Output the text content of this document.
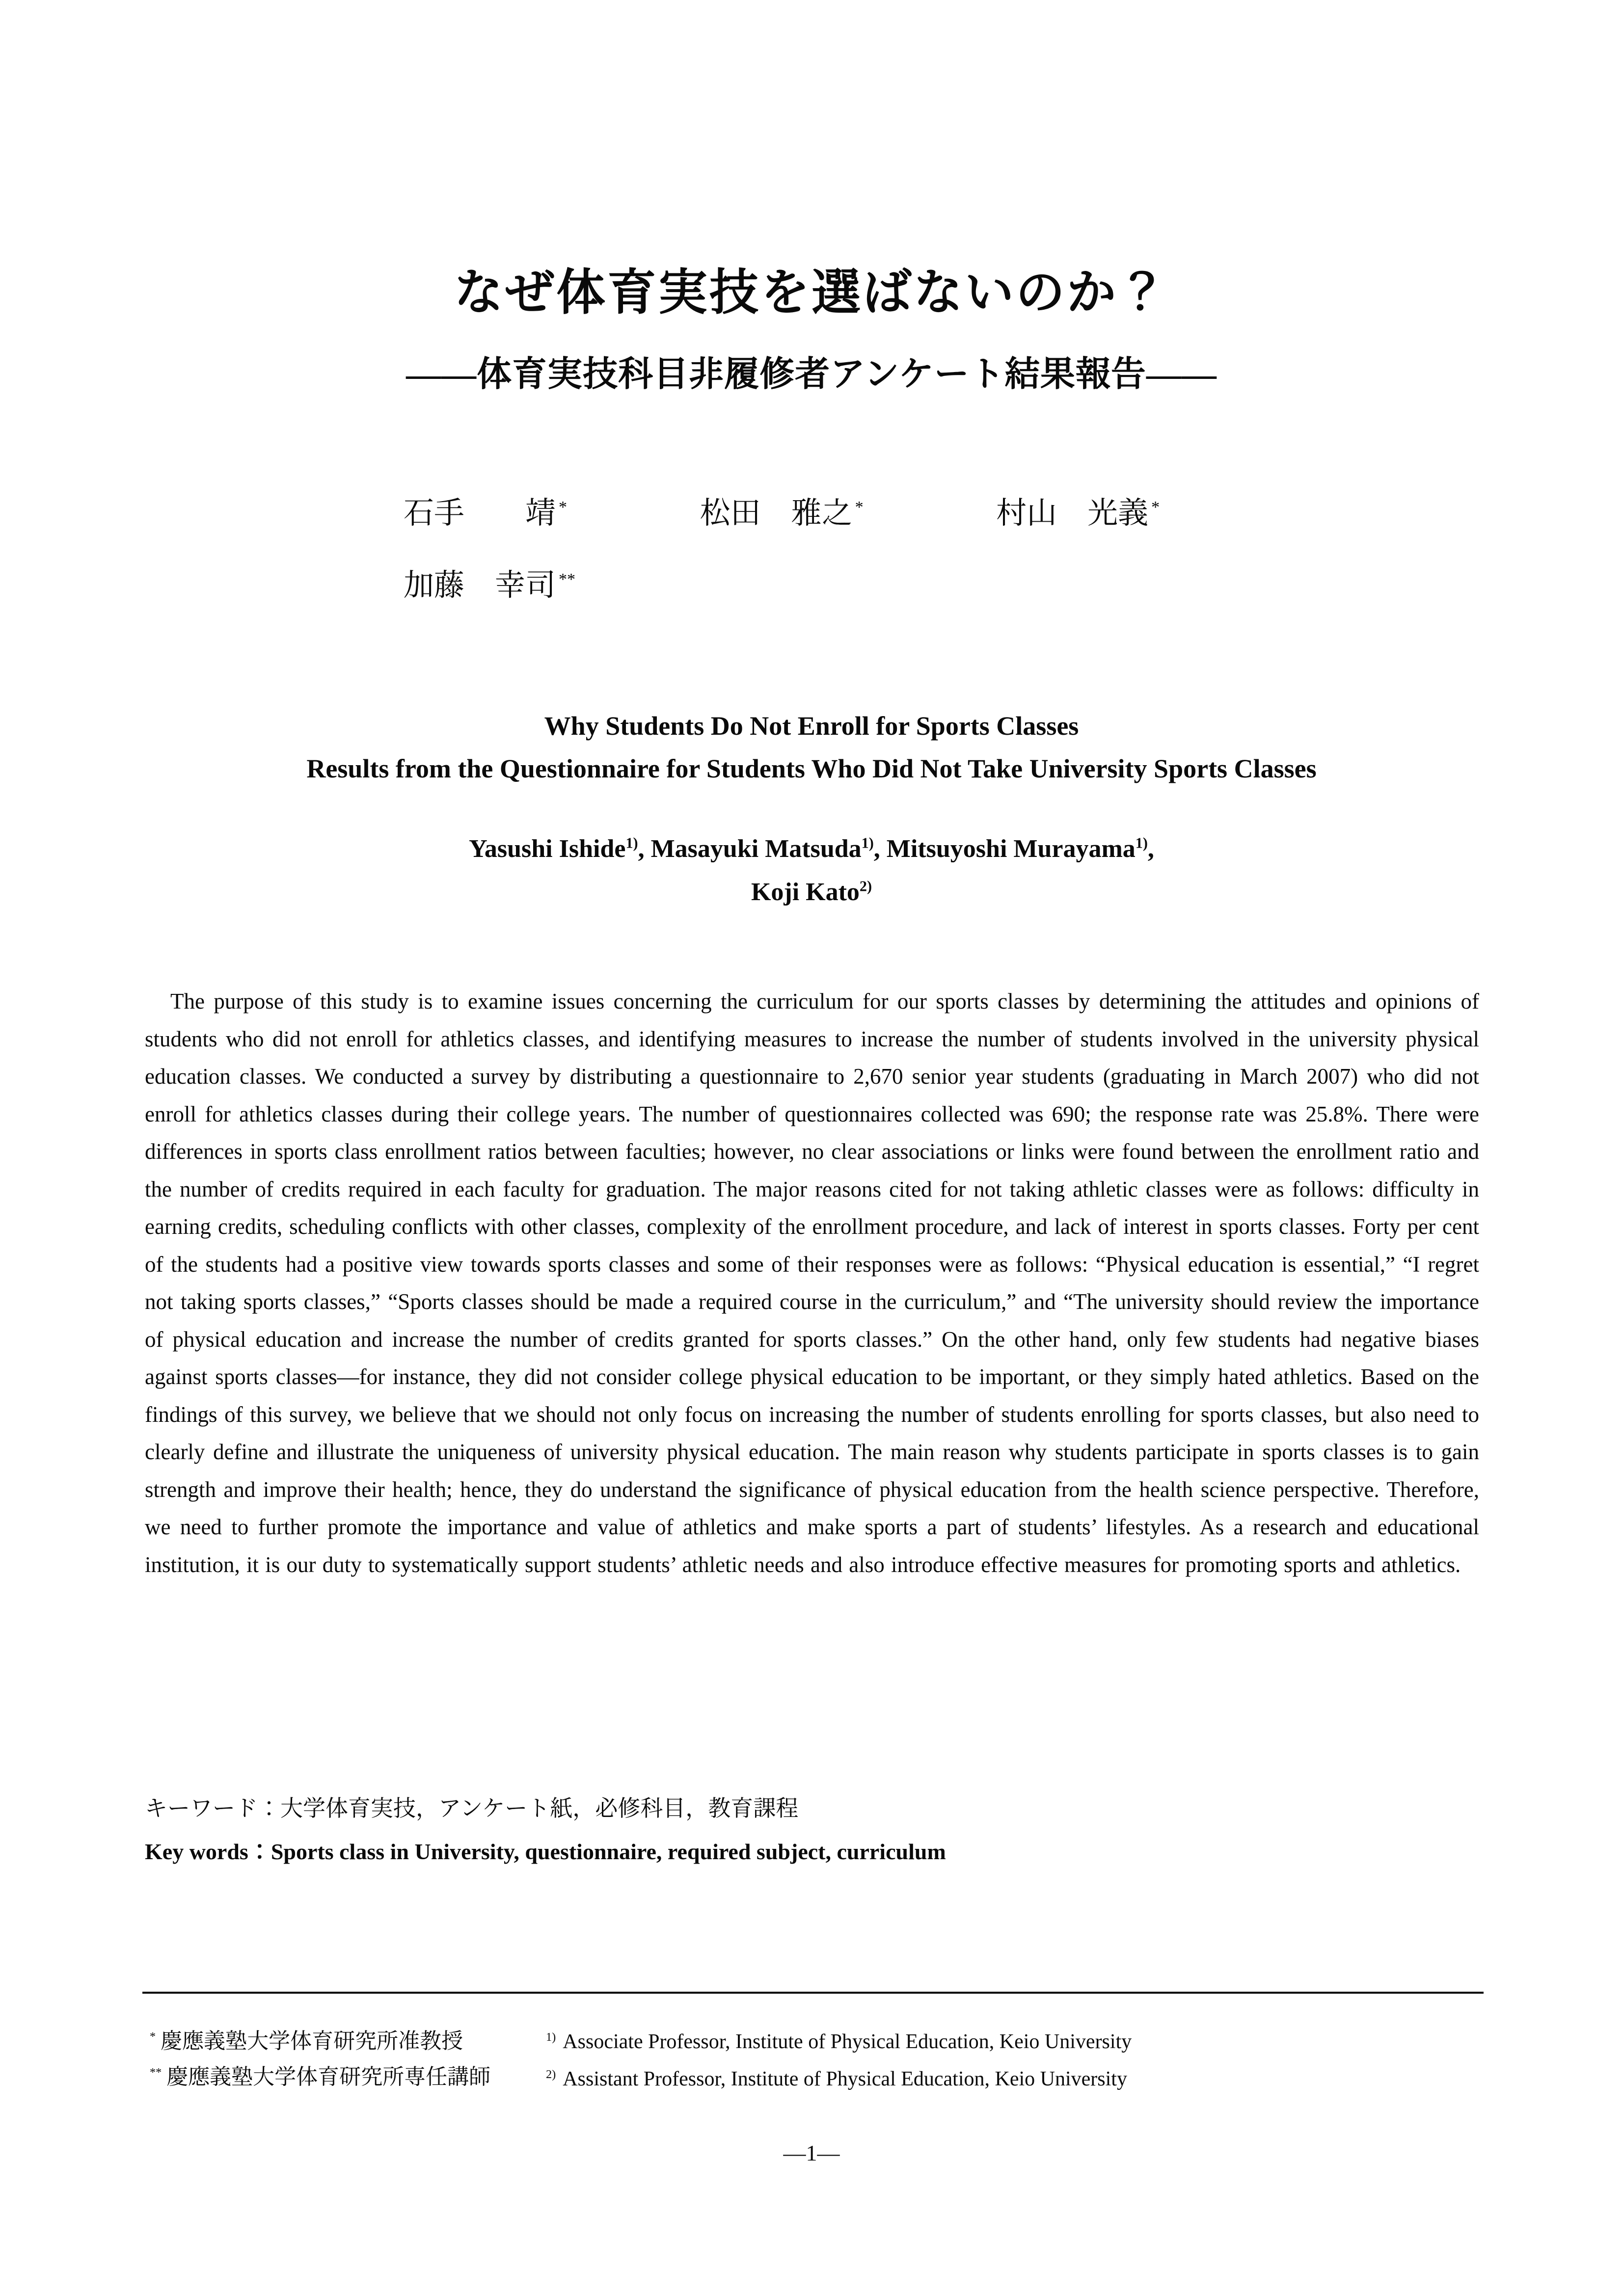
なぜ体育実技を選ばないのか？
——体育実技科目非履修者アンケート結果報告——
石手　　靖 *	松田　雅之 *	村山　光義 *
加藤　幸司 **
Why Students Do Not Enroll for Sports Classes
Results from the Questionnaire for Students Who Did Not Take University Sports Classes
Yasushi Ishide$^{1)}$, Masayuki Matsuda$^{1)}$, Mitsuyoshi Murayama$^{1)}$,
Koji Kato$^{2)}$
The purpose of this study is to examine issues concerning the curriculum for our sports classes by determining the attitudes and opinions of students who did not enroll for athletics classes, and identifying measures to increase the number of students involved in the university physical education classes. We conducted a survey by distributing a questionnaire to 2,670 senior year students (graduating in March 2007) who did not enroll for athletics classes during their college years. The number of questionnaires collected was 690; the response rate was 25.8%. There were differences in sports class enrollment ratios between faculties; however, no clear associations or links were found between the enrollment ratio and the number of credits required in each faculty for graduation. The major reasons cited for not taking athletic classes were as follows: difficulty in earning credits, scheduling conflicts with other classes, complexity of the enrollment procedure, and lack of interest in sports classes. Forty per cent of the students had a positive view towards sports classes and some of their responses were as follows: “Physical education is essential,” “I regret not taking sports classes,” “Sports classes should be made a required course in the curriculum,” and “The university should review the importance of physical education and increase the number of credits granted for sports classes.” On the other hand, only few students had negative biases against sports classes—for instance, they did not consider college physical education to be important, or they simply hated athletics. Based on the findings of this survey, we believe that we should not only focus on increasing the number of students enrolling for sports classes, but also need to clearly define and illustrate the uniqueness of university physical education. The main reason why students participate in sports classes is to gain strength and improve their health; hence, they do understand the significance of physical education from the health science perspective. Therefore, we need to further promote the importance and value of athletics and make sports a part of students’ lifestyles. As a research and educational institution, it is our duty to systematically support students’ athletic needs and also introduce effective measures for promoting sports and athletics.
キーワード：大学体育実技，アンケート紙，必修科目，教育課程
Key words：Sports class in University, questionnaire, required subject, curriculum
* 慶應義塾大学体育研究所准教授
** 慶應義塾大学体育研究所専任講師
$^{1)}$ Associate Professor, Institute of Physical Education, Keio University
$^{2)}$ Assistant Professor, Institute of Physical Education, Keio University
—1—
